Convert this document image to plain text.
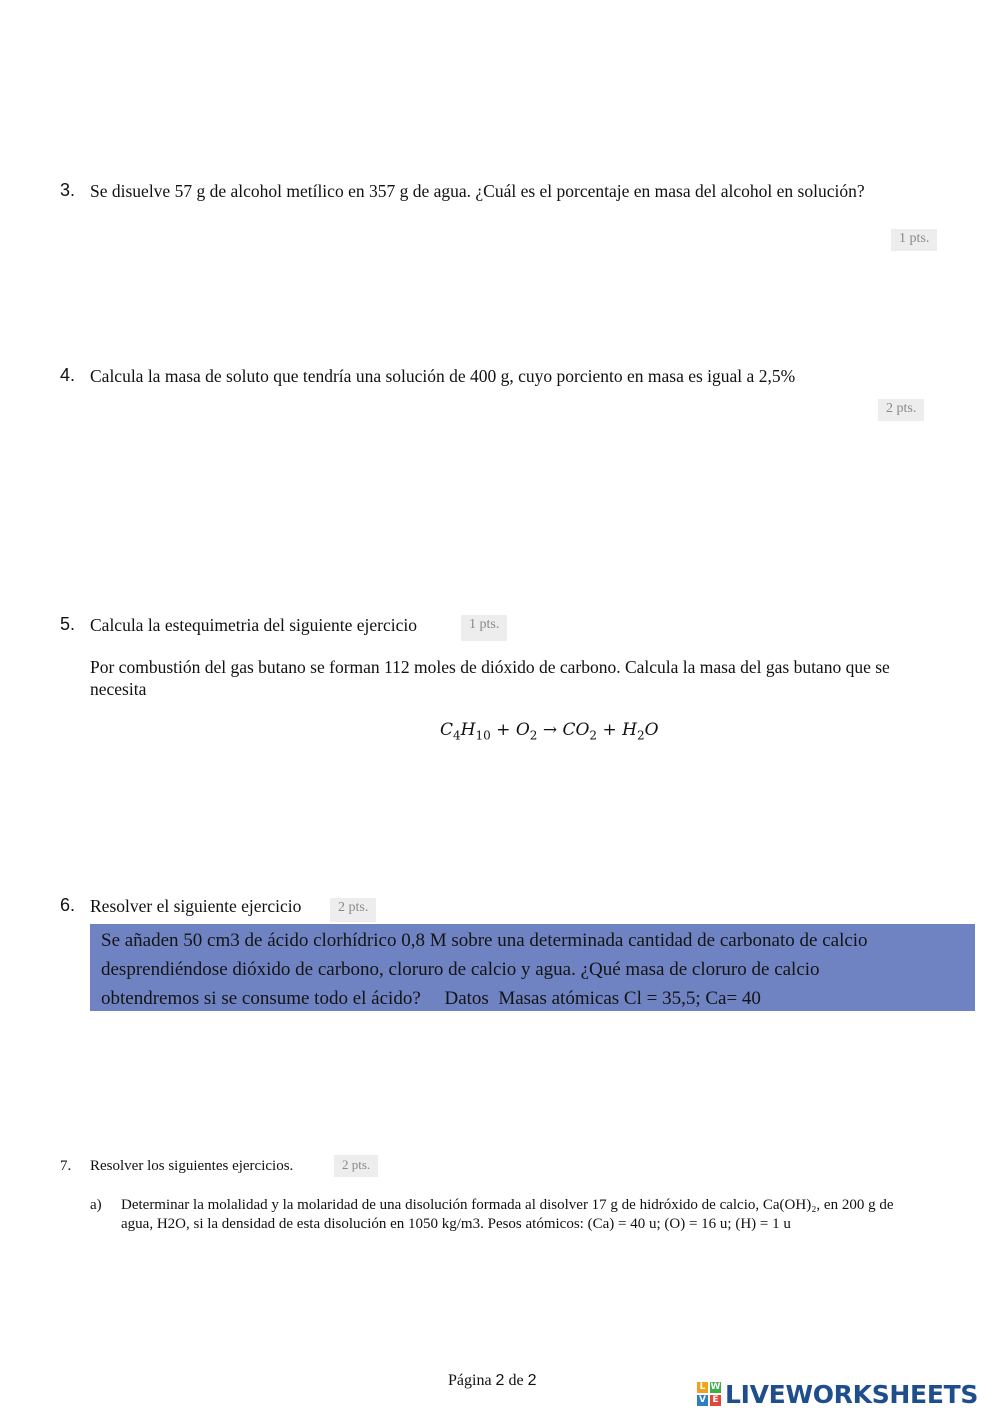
3. Se disuelve 57 g de alcohol metílico en 357 g de agua. ¿Cuál es el porcentaje en masa del alcohol en solución?
1 pts.
4. Calcula la masa de soluto que tendría una solución de 400 g, cuyo porciento en masa es igual a 2,5%
2 pts.
5. Calcula la estequimetria del siguiente ejercicio	1 pts.
Por combustión del gas butano se forman 112 moles de dióxido de carbono. Calcula la masa del gas butano que se necesita
$C_4H_{10} + O_2 \to CO_2 + H_2O$
6. Resolver el siguiente ejercicio	2 pts.
Se añaden 50 cm3 de ácido clorhídrico 0,8 M sobre una determinada cantidad de carbonato de calcio
desprendiéndose dióxido de carbono, cloruro de calcio y agua. ¿Qué masa de cloruro de calcio
obtendremos si se consume todo el ácido?     Datos  Masas atómicas Cl = 35,5; Ca= 40
7. Resolver los siguientes ejercicios.	2 pts.
a) Determinar la molalidad y la molaridad de una disolución formada al disolver 17 g de hidróxido de calcio, Ca(OH)₂, en 200 g de
agua, H2O, si la densidad de esta disolución en 1050 kg/m3. Pesos atómicos: (Ca) = 40 u; (O) = 16 u; (H) = 1 u
Página 2 de 2	L W
V E LIVEWORKSHEETS
